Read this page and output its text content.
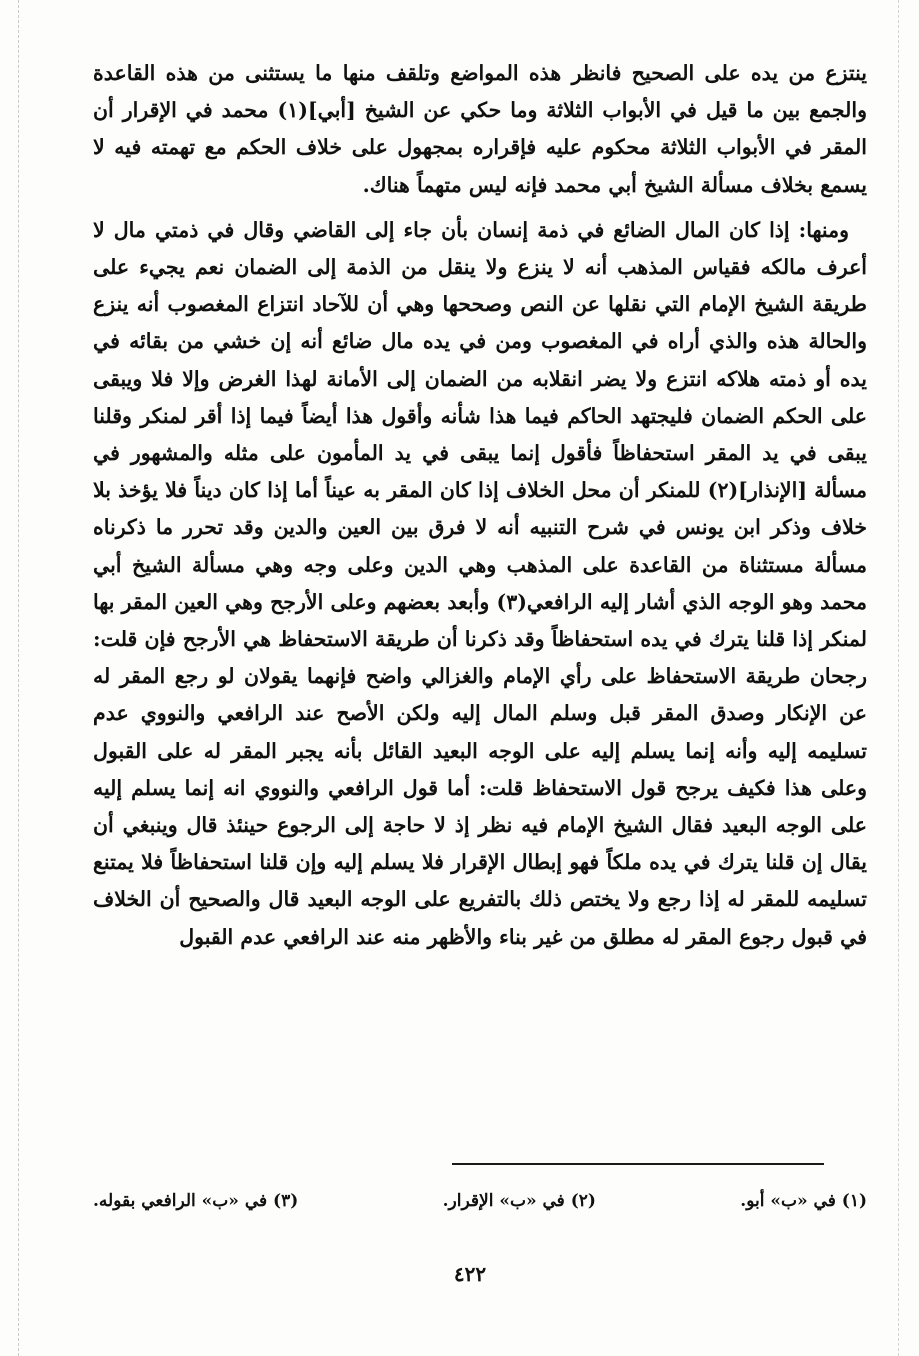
ينتزع من يده على الصحيح فانظر هذه المواضع وتلقف منها ما يستثنى من هذه القاعدة والجمع بين ما قيل في الأبواب الثلاثة وما حكي عن الشيخ [أبي](١) محمد في الإقرار أن المقر في الأبواب الثلاثة محكوم عليه فإقراره بمجهول على خلاف الحكم مع تهمته فيه لا يسمع بخلاف مسألة الشيخ أبي محمد فإنه ليس متهماً هناك.

ومنها: إذا كان المال الضائع في ذمة إنسان بأن جاء إلى القاضي وقال في ذمتي مال لا أعرف مالكه فقياس المذهب أنه لا ينزع ولا ينقل من الذمة إلى الضمان نعم يجيء على طريقة الشيخ الإمام التي نقلها عن النص وصححها وهي أن للآحاد انتزاع المغصوب أنه ينزع والحالة هذه والذي أراه في المغصوب ومن في يده مال ضائع أنه إن خشي من بقائه في يده أو ذمته هلاكه انتزع ولا يضر انقلابه من الضمان إلى الأمانة لهذا الغرض وإلا فلا ويبقى على الحكم الضمان فليجتهد الحاكم فيما هذا شأنه وأقول هذا أيضاً فيما إذا أقر لمنكر وقلنا يبقى في يد المقر استحفاظاً فأقول إنما يبقى في يد المأمون على مثله والمشهور في مسألة [الإنذار](٢) للمنكر أن محل الخلاف إذا كان المقر به عيناً أما إذا كان ديناً فلا يؤخذ بلا خلاف وذكر ابن يونس في شرح التنبيه أنه لا فرق بين العين والدين وقد تحرر ما ذكرناه مسألة مستثناة من القاعدة على المذهب وهي الدين وعلى وجه وهي مسألة الشيخ أبي محمد وهو الوجه الذي أشار إليه الرافعي(٣) وأبعد بعضهم وعلى الأرجح وهي العين المقر بها لمنكر إذا قلنا يترك في يده استحفاظاً وقد ذكرنا أن طريقة الاستحفاظ هي الأرجح فإن قلت: رجحان طريقة الاستحفاظ على رأي الإمام والغزالي واضح فإنهما يقولان لو رجع المقر له عن الإنكار وصدق المقر قبل وسلم المال إليه ولكن الأصح عند الرافعي والنووي عدم تسليمه إليه وأنه إنما يسلم إليه على الوجه البعيد القائل بأنه يجبر المقر له على القبول وعلى هذا فكيف يرجح قول الاستحفاظ قلت: أما قول الرافعي والنووي انه إنما يسلم إليه على الوجه البعيد فقال الشيخ الإمام فيه نظر إذ لا حاجة إلى الرجوع حينئذ قال وينبغي أن يقال إن قلنا يترك في يده ملكاً فهو إبطال الإقرار فلا يسلم إليه وإن قلنا استحفاظاً فلا يمتنع تسليمه للمقر له إذا رجع ولا يختص ذلك بالتفريع على الوجه البعيد قال والصحيح أن الخلاف في قبول رجوع المقر له مطلق من غير بناء والأظهر منه عند الرافعي عدم القبول

(١) في «ب» أبو.
(٢) في «ب» الإقرار.
(٣) في «ب» الرافعي بقوله.
٤٢٢
